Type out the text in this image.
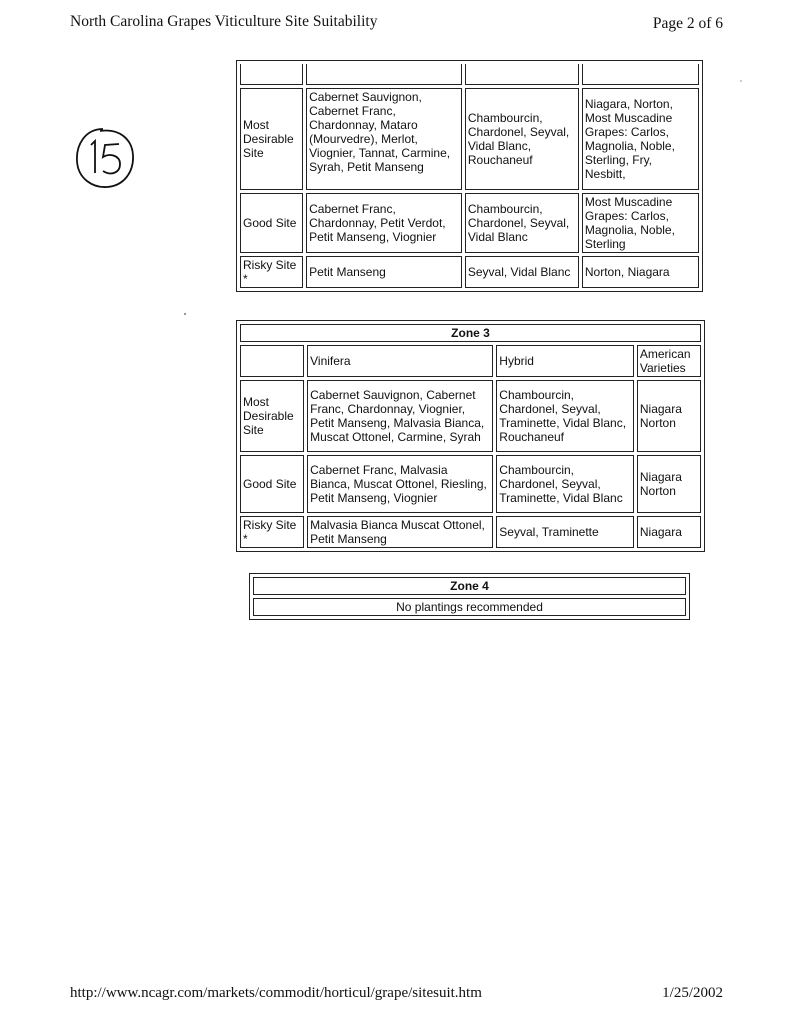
North Carolina Grapes Viticulture Site Suitability	Page 2 of 6

Most Desirable Site	Cabernet Sauvignon, Cabernet Franc, Chardonnay, Mataro (Mourvedre), Merlot, Viognier, Tannat, Carmine, Syrah, Petit Manseng	Chambourcin, Chardonel, Seyval, Vidal Blanc, Rouchaneuf	Niagara, Norton, Most Muscadine Grapes: Carlos, Magnolia, Noble, Sterling, Fry, Nesbitt,
Good Site	Cabernet Franc, Chardonnay, Petit Verdot, Petit Manseng, Viognier	Chambourcin, Chardonel, Seyval, Vidal Blanc	Most Muscadine Grapes: Carlos, Magnolia, Noble, Sterling
Risky Site *	Petit Manseng	Seyval, Vidal Blanc	Norton, Niagara
Zone 3			
	Vinifera	Hybrid	American Varieties
Most Desirable Site	Cabernet Sauvignon, Cabernet Franc, Chardonnay, Viognier, Petit Manseng, Malvasia Bianca, Muscat Ottonel, Carmine, Syrah	Chambourcin, Chardonel, Seyval, Traminette, Vidal Blanc, Rouchaneuf	Niagara Norton
Good Site	Cabernet Franc, Malvasia Bianca, Muscat Ottonel, Riesling, Petit Manseng, Viognier	Chambourcin, Chardonel, Seyval, Traminette, Vidal Blanc	Niagara Norton
Risky Site *	Malvasia Bianca Muscat Ottonel, Petit Manseng	Seyval, Traminette	Niagara
Zone 4
No plantings recommended
http://www.ncagr.com/markets/commodit/horticul/grape/sitesuit.htm	1/25/2002
